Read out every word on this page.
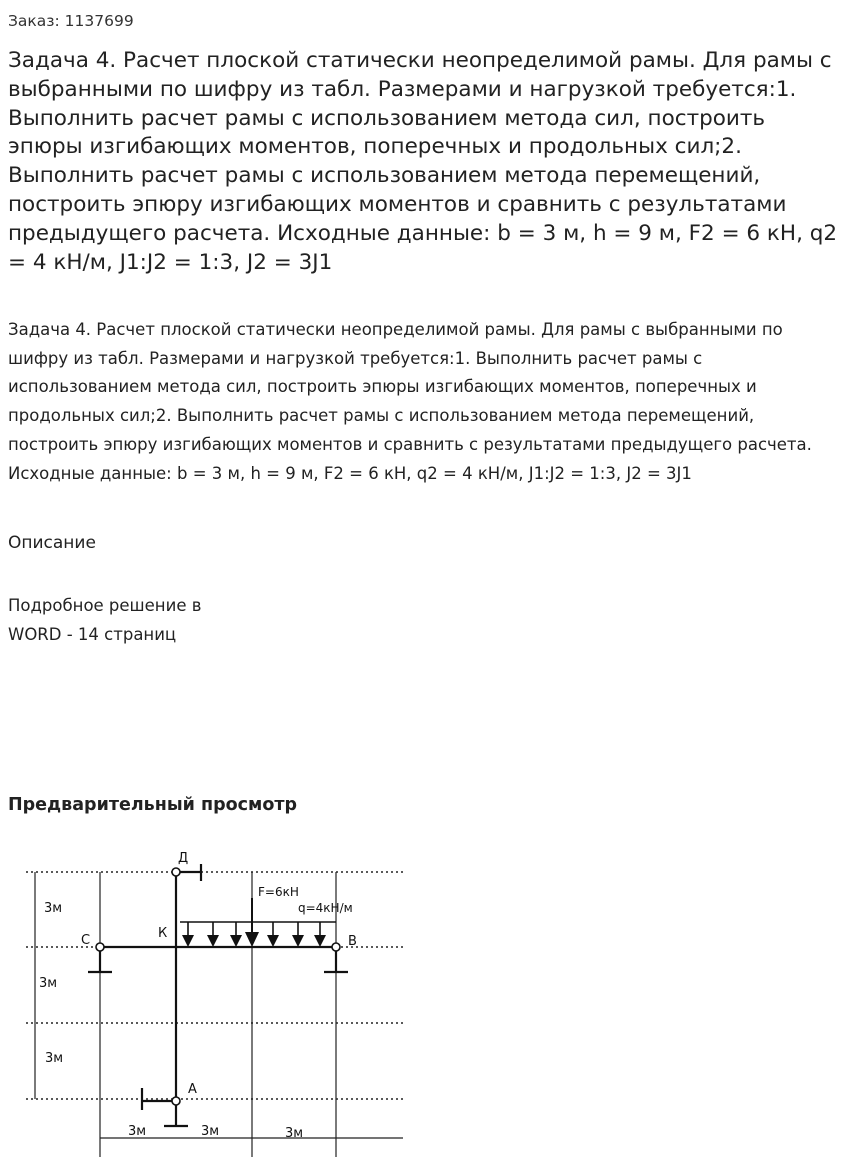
Заказ: 1137699
Задача 4. Расчет плоской статически неопределимой рамы. Для рамы с выбранными по шифру из табл. Размерами и нагрузкой требуется:1. Выполнить расчет рамы с использованием метода сил, построить эпюры изгибающих моментов, поперечных и продольных сил;2. Выполнить расчет рамы с использованием метода перемещений, построить эпюру изгибающих моментов и сравнить с результатами предыдущего расчета. Исходные данные: b = 3 м, h = 9 м, F2 = 6 кН, q2 = 4 кН/м, J1:J2 = 1:3, J2 = 3J1
Задача 4. Расчет плоской статически неопределимой рамы. Для рамы с выбранными по шифру из табл. Размерами и нагрузкой требуется:1. Выполнить расчет рамы с использованием метода сил, построить эпюры изгибающих моментов, поперечных и продольных сил;2. Выполнить расчет рамы с использованием метода перемещений, построить эпюру изгибающих моментов и сравнить с результатами предыдущего расчета. Исходные данные: b = 3 м, h = 9 м, F2 = 6 кН, q2 = 4 кН/м, J1:J2 = 1:3, J2 = 3J1
Описание
Подробное решение в WORD - 14 страниц
Предварительный просмотр
Д
К
С	В
А
F=6кН
q=4кН/м
3м
3м
3м
3м	3м	3м
